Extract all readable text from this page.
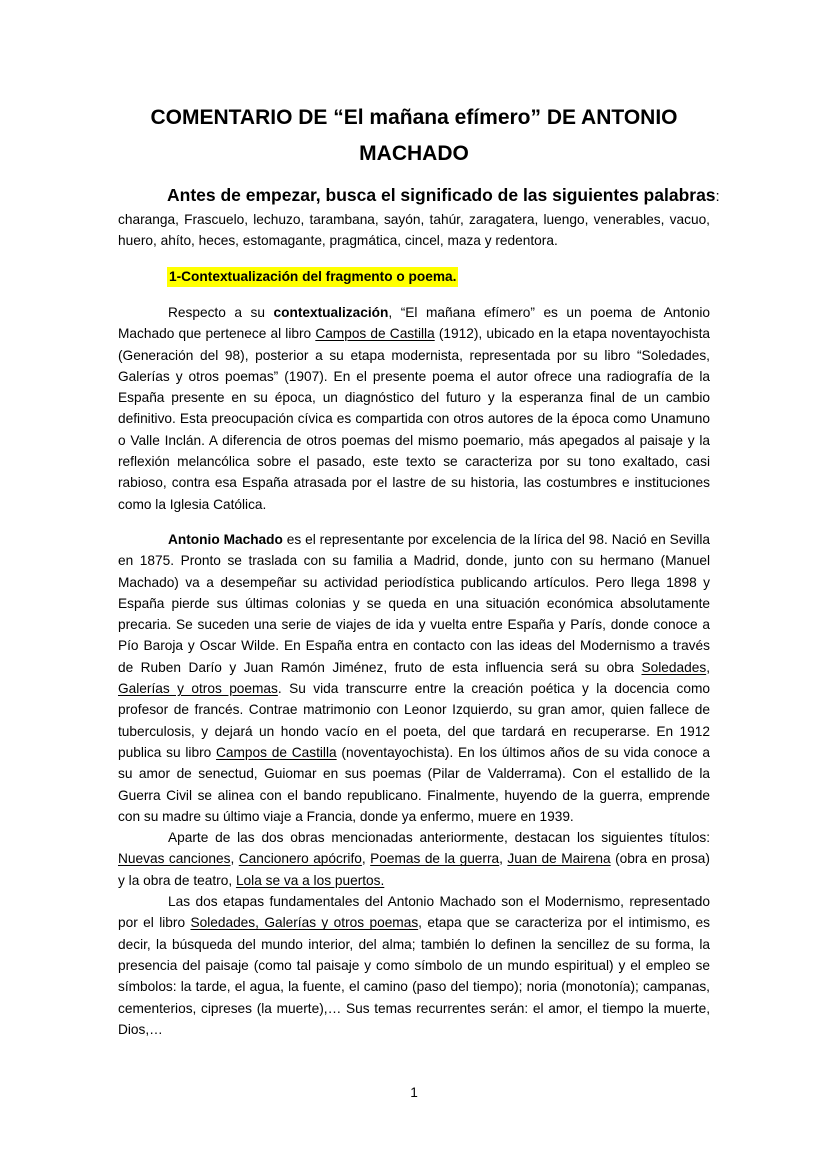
COMENTARIO DE “El mañana efímero” DE ANTONIO
MACHADO
Antes de empezar, busca el significado de las siguientes palabras:

charanga, Frascuelo, lechuzo, tarambana, sayón, tahúr, zaragatera, luengo, venerables, vacuo, huero, ahíto, heces, estomagante, pragmática, cincel, maza y redentora.

1-Contextualización del fragmento o poema.

Respecto a su contextualización, “El mañana efímero” es un poema de Antonio Machado que pertenece al libro Campos de Castilla (1912), ubicado en la etapa noventayochista (Generación del 98), posterior a su etapa modernista, representada por su libro “Soledades, Galerías y otros poemas” (1907). En el presente poema el autor ofrece una radiografía de la España presente en su época, un diagnóstico del futuro y la esperanza final de un cambio definitivo. Esta preocupación cívica es compartida con otros autores de la época como Unamuno o Valle Inclán. A diferencia de otros poemas del mismo poemario, más apegados al paisaje y la reflexión melancólica sobre el pasado, este texto se caracteriza por su tono exaltado, casi rabioso, contra esa España atrasada por el lastre de su historia, las costumbres e instituciones como la Iglesia Católica.

Antonio Machado es el representante por excelencia de la lírica del 98. Nació en Sevilla en 1875. Pronto se traslada con su familia a Madrid, donde, junto con su hermano (Manuel Machado) va a desempeñar su actividad periodística publicando artículos. Pero llega 1898 y España pierde sus últimas colonias y se queda en una situación económica absolutamente precaria. Se suceden una serie de viajes de ida y vuelta entre España y París, donde conoce a Pío Baroja y Oscar Wilde. En España entra en contacto con las ideas del Modernismo a través de Ruben Darío y Juan Ramón Jiménez, fruto de esta influencia será su obra Soledades, Galerías y otros poemas. Su vida transcurre entre la creación poética y la docencia como profesor de francés. Contrae matrimonio con Leonor Izquierdo, su gran amor, quien fallece de tuberculosis, y dejará un hondo vacío en el poeta, del que tardará en recuperarse. En 1912 publica su libro Campos de Castilla (noventayochista). En los últimos años de su vida conoce a su amor de senectud, Guiomar en sus poemas (Pilar de Valderrama). Con el estallido de la Guerra Civil se alinea con el bando republicano. Finalmente, huyendo de la guerra, emprende con su madre su último viaje a Francia, donde ya enfermo, muere en 1939.

Aparte de las dos obras mencionadas anteriormente, destacan los siguientes títulos: Nuevas canciones, Cancionero apócrifo, Poemas de la guerra, Juan de Mairena (obra en prosa) y la obra de teatro, Lola se va a los puertos.

Las dos etapas fundamentales del Antonio Machado son el Modernismo, representado por el libro Soledades, Galerías y otros poemas, etapa que se caracteriza por el intimismo, es decir, la búsqueda del mundo interior, del alma; también lo definen la sencillez de su forma, la presencia del paisaje (como tal paisaje y como símbolo de un mundo espiritual) y el empleo se símbolos: la tarde, el agua, la fuente, el camino (paso del tiempo); noria (monotonía); campanas, cementerios, cipreses (la muerte),… Sus temas recurrentes serán: el amor, el tiempo la muerte, Dios,…

1
